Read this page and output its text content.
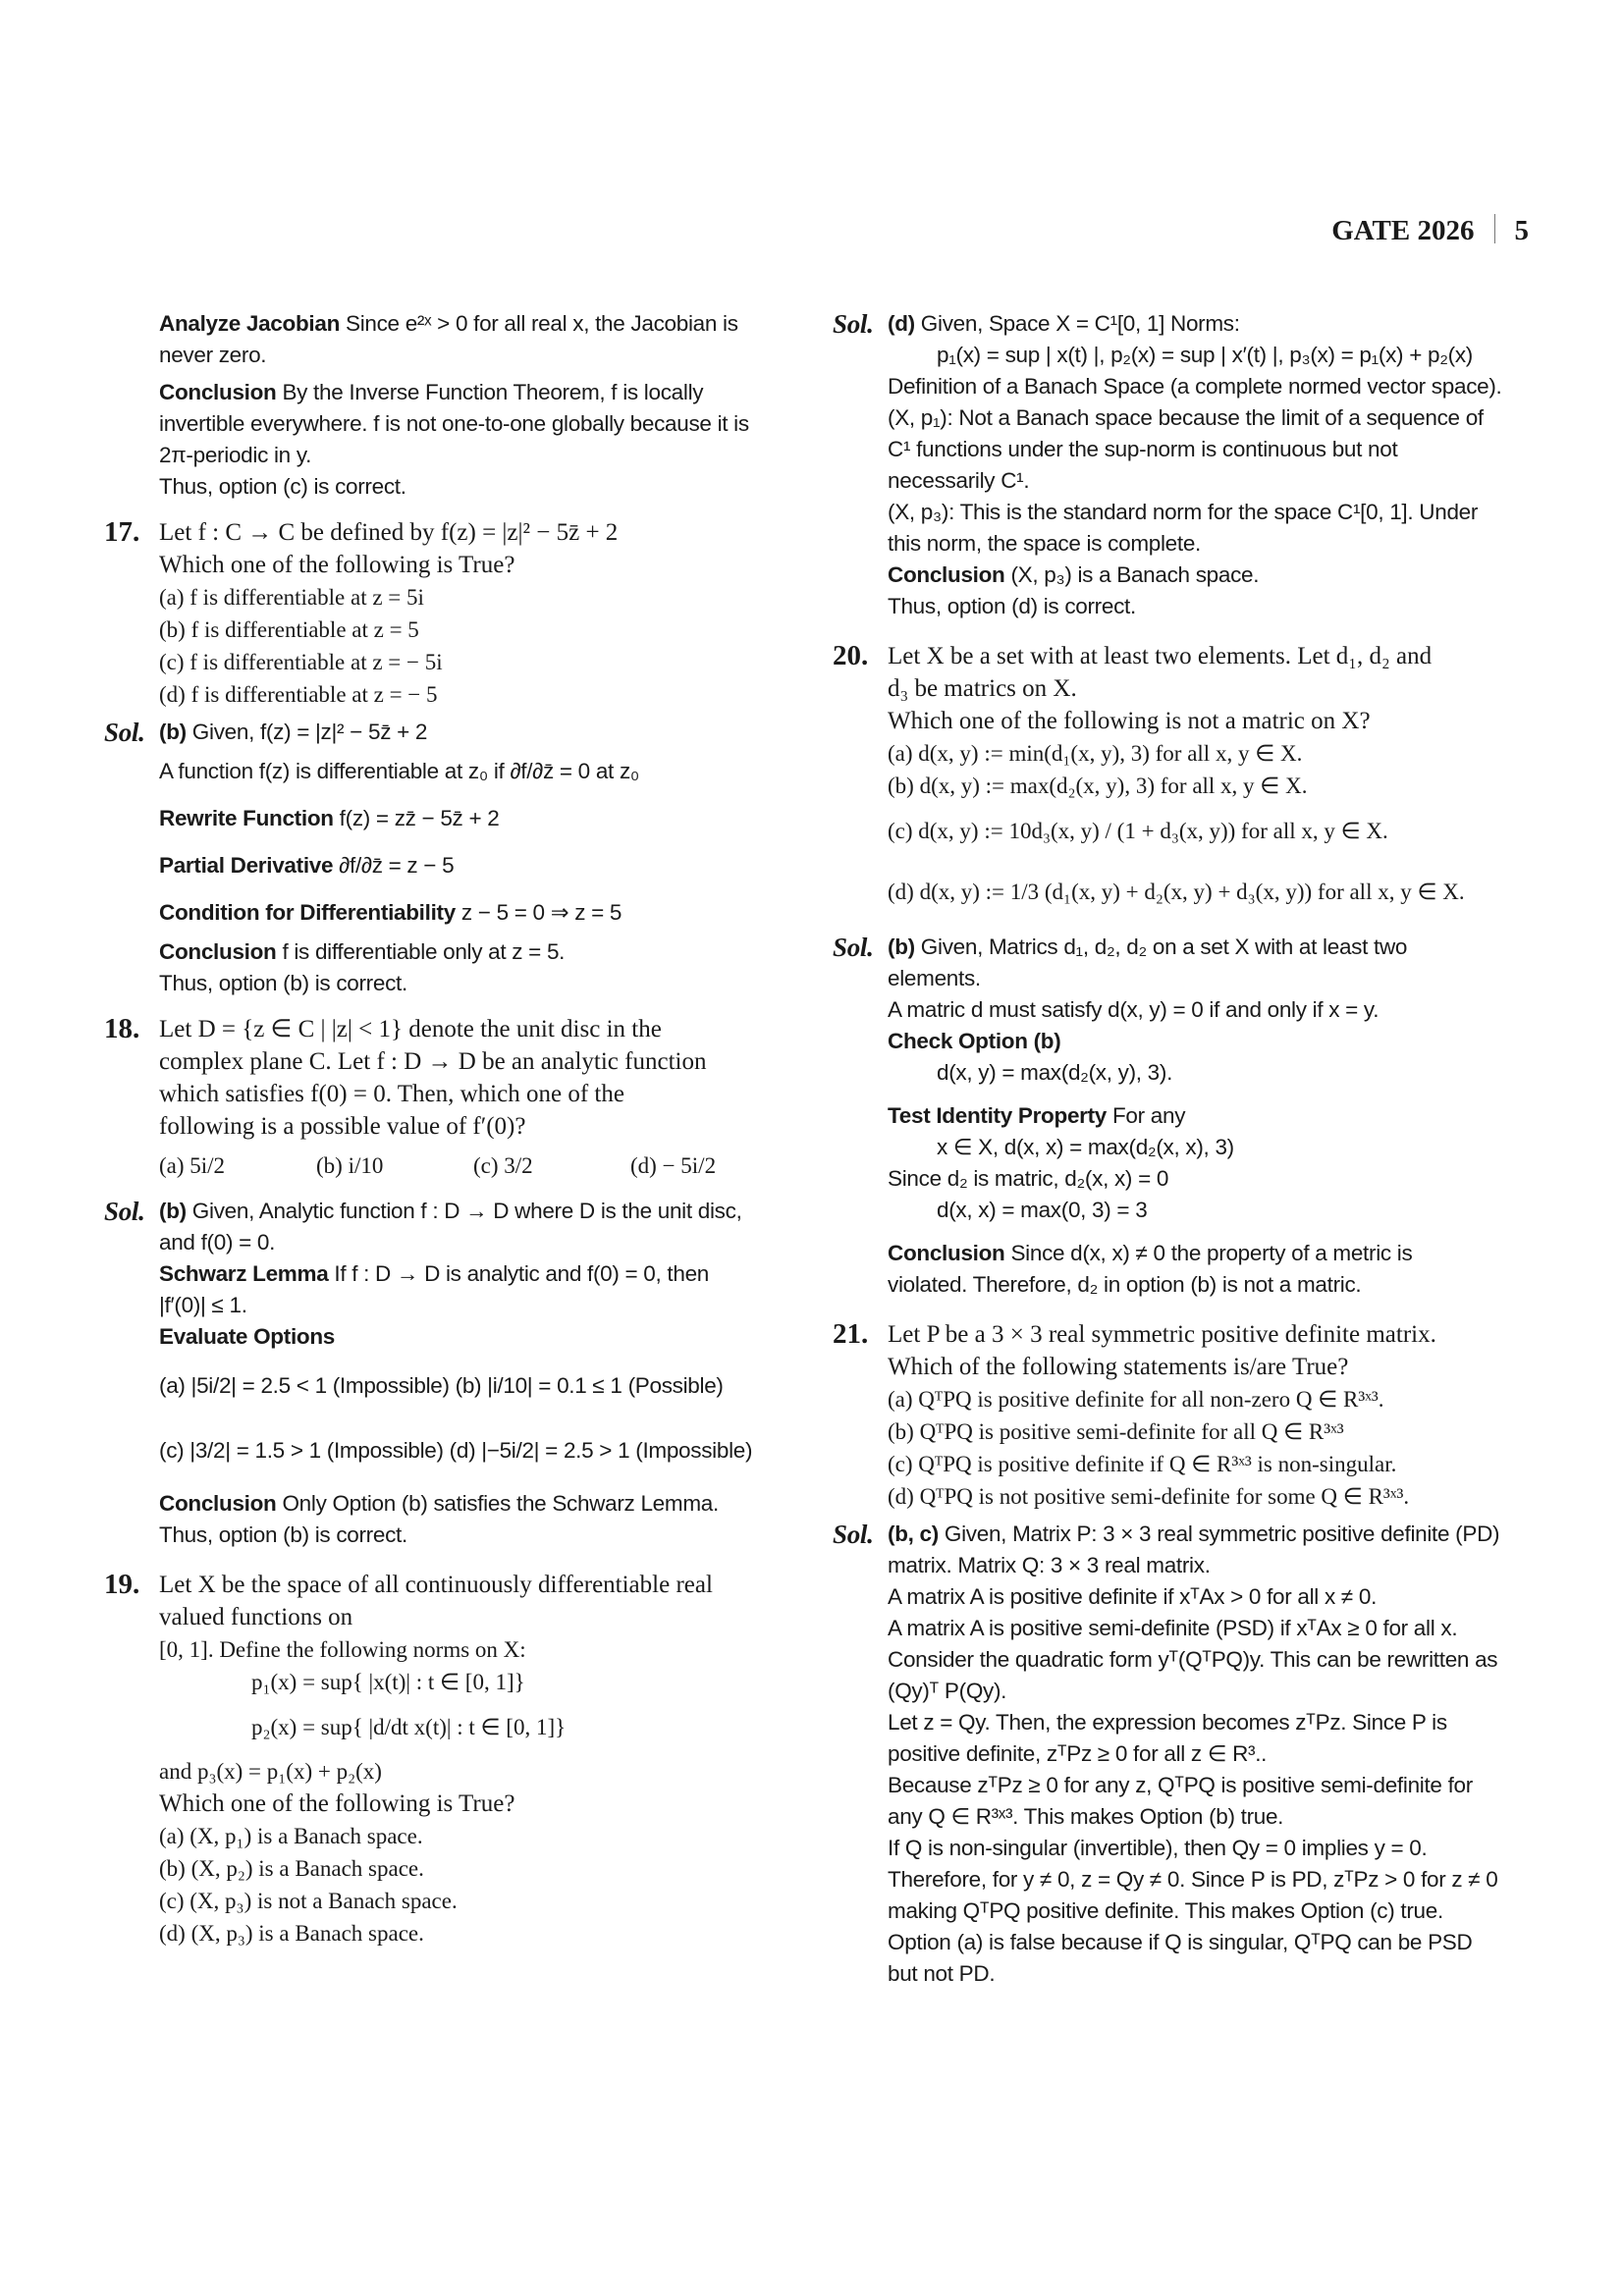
GATE 2026 5
Analyze Jacobian Since e²ˣ > 0 for all real x, the Jacobian is
never zero.
Conclusion By the Inverse Function Theorem, f is locally
invertible everywhere. f is not one-to-one globally because it is
2π-periodic in y.
Thus, option (c) is correct.
17. Let f : C → C be defined by f(z) = |z|² − 5z̄ + 2
Which one of the following is True?
(a) f is differentiable at z = 5i
(b) f is differentiable at z = 5
(c) f is differentiable at z = − 5i
(d) f is differentiable at z = − 5
Sol. (b) Given, f(z) = |z|² − 5z̄ + 2
A function f(z) is differentiable at z₀ if ∂f/∂z̄ = 0 at z₀
Rewrite Function f(z) = zz̄ − 5z̄ + 2
Partial Derivative ∂f/∂z̄ = z − 5
Condition for Differentiability z − 5 = 0 ⇒ z = 5
Conclusion f is differentiable only at z = 5.
Thus, option (b) is correct.
18. Let D = {z ∈ C | |z| < 1} denote the unit disc in the
complex plane C. Let f : D → D be an analytic function
which satisfies f(0) = 0. Then, which one of the
following is a possible value of f′(0)?
(a) 5i/2	(b) i/10	(c) 3/2	(d) − 5i/2
Sol. (b) Given, Analytic function f : D → D where D is the unit disc,
and f(0) = 0.
Schwarz Lemma If f : D → D is analytic and f(0) = 0, then
|f′(0)| ≤ 1.
Evaluate Options
(a) |5i/2| = 2.5 < 1 (Impossible) (b) |i/10| = 0.1 ≤ 1 (Possible)
(c) |3/2| = 1.5 > 1 (Impossible) (d) |−5i/2| = 2.5 > 1 (Impossible)
Conclusion Only Option (b) satisfies the Schwarz Lemma.
Thus, option (b) is correct.
19. Let X be the space of all continuously differentiable real
valued functions on
[0, 1]. Define the following norms on X:
p₁(x) = sup{ |x(t)| : t ∈ [0, 1]}
p₂(x) = sup{ |d/dt x(t)| : t ∈ [0, 1]}
and p₃(x) = p₁(x) + p₂(x)
Which one of the following is True?
(a) (X, p₁) is a Banach space.
(b) (X, p₂) is a Banach space.
(c) (X, p₃) is not a Banach space.
(d) (X, p₃) is a Banach space.
Sol. (d) Given, Space X = C¹[0, 1] Norms:
p₁(x) = sup | x(t) |, p₂(x) = sup | x′(t) |, p₃(x) = p₁(x) + p₂(x)
Definition of a Banach Space (a complete normed vector space).
(X, p₁): Not a Banach space because the limit of a sequence of
C¹ functions under the sup-norm is continuous but not
necessarily C¹.
(X, p₃): This is the standard norm for the space C¹[0, 1]. Under
this norm, the space is complete.
Conclusion (X, p₃) is a Banach space.
Thus, option (d) is correct.
20. Let X be a set with at least two elements. Let d₁, d₂ and
d₃ be matrics on X.
Which one of the following is not a matric on X?
(a) d(x, y) := min(d₁(x, y), 3) for all x, y ∈ X.
(b) d(x, y) := max(d₂(x, y), 3) for all x, y ∈ X.
(c) d(x, y) := 10d₃(x, y) / (1 + d₃(x, y)) for all x, y ∈ X.
(d) d(x, y) := 1/3 (d₁(x, y) + d₂(x, y) + d₃(x, y)) for all x, y ∈ X.
Sol. (b) Given, Matrics d₁, d₂, d₂ on a set X with at least two
elements.
A matric d must satisfy d(x, y) = 0 if and only if x = y.
Check Option (b)
d(x, y) = max(d₂(x, y), 3).
Test Identity Property For any
x ∈ X, d(x, x) = max(d₂(x, x), 3)
Since d₂ is matric, d₂(x, x) = 0
d(x, x) = max(0, 3) = 3
Conclusion Since d(x, x) ≠ 0 the property of a metric is
violated. Therefore, d₂ in option (b) is not a matric.
21. Let P be a 3 × 3 real symmetric positive definite matrix.
Which of the following statements is/are True?
(a) QᵀPQ is positive definite for all non-zero Q ∈ R³ˣ³.
(b) QᵀPQ is positive semi-definite for all Q ∈ R³ˣ³
(c) QᵀPQ is positive definite if Q ∈ R³ˣ³ is non-singular.
(d) QᵀPQ is not positive semi-definite for some Q ∈ R³ˣ³.
Sol. (b, c) Given, Matrix P: 3 × 3 real symmetric positive definite (PD)
matrix. Matrix Q: 3 × 3 real matrix.
A matrix A is positive definite if xᵀAx > 0 for all x ≠ 0.
A matrix A is positive semi-definite (PSD) if xᵀAx ≥ 0 for all x.
Consider the quadratic form yᵀ(QᵀPQ)y. This can be rewritten as
(Qy)ᵀ P(Qy).
Let z = Qy. Then, the expression becomes zᵀPz. Since P is
positive definite, zᵀPz ≥ 0 for all z ∈ R³..
Because zᵀPz ≥ 0 for any z, QᵀPQ is positive semi-definite for
any Q ∈ R³ˣ³. This makes Option (b) true.
If Q is non-singular (invertible), then Qy = 0 implies y = 0.
Therefore, for y ≠ 0, z = Qy ≠ 0. Since P is PD, zᵀPz > 0 for z ≠ 0
making QᵀPQ positive definite. This makes Option (c) true.
Option (a) is false because if Q is singular, QᵀPQ can be PSD
but not PD.
